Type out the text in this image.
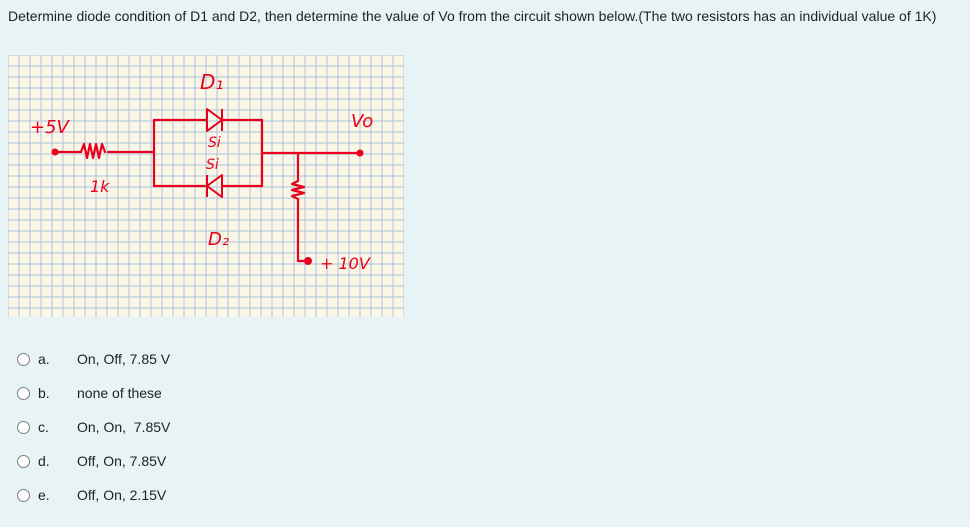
Determine diode condition of D1 and D2, then determine the value of Vo from the circuit shown below.(The two resistors has an individual value of 1K)
D₁
Si
Si
D₂
+5V
1k
Vo
+ 10V
a.	On, Off, 7.85 V
b.	none of these
c.	On, On,  7.85V
d.	Off, On, 7.85V
e.	Off, On, 2.15V
